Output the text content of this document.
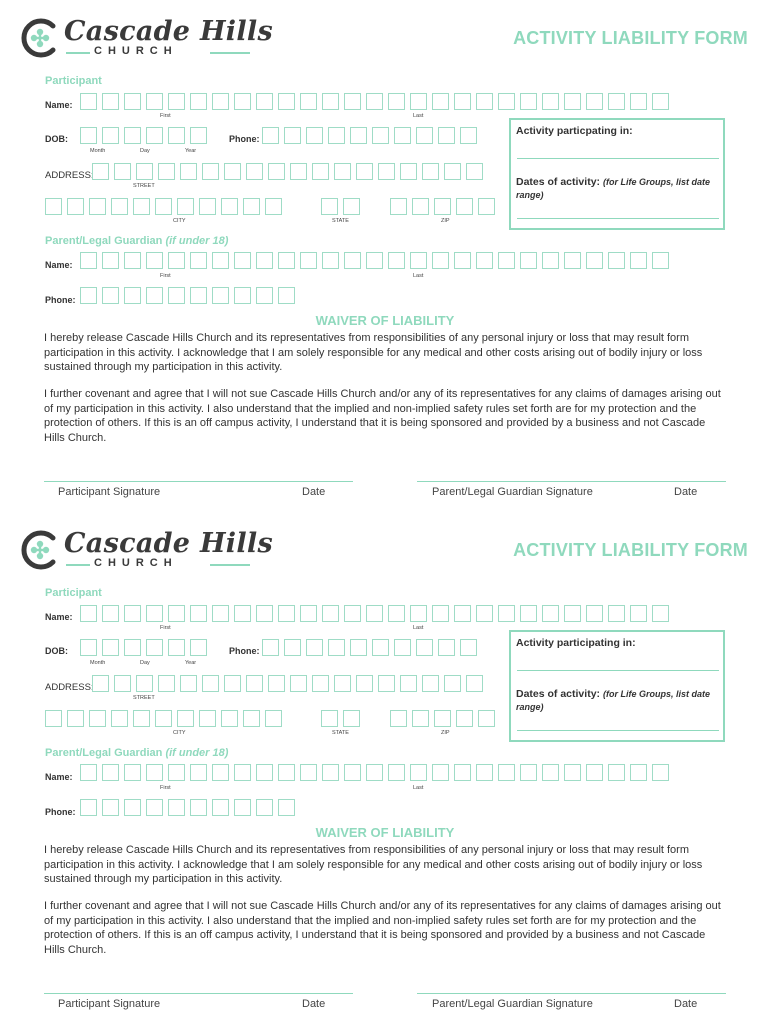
Cascade Hills
CHURCH
ACTIVITY LIABILITY FORM
Participant
Name:
First	Last
DOB:
Month	Day	Year
Phone:
ADDRESS:
STREET
CITY	STATE	ZIP
Activity particpating in:
Dates of activity: (for Life Groups, list date range)
Parent/Legal Guardian (if under 18)
Name:
First	Last
Phone:
WAIVER OF LIABILITY
I hereby release Cascade Hills Church and its representatives from responsibilities of any personal injury or loss that may result form participation in this activity. I acknowledge that I am solely responsible for any medical and other costs arising out of bodily injury or loss sustained through my participation in this activity.
I further covenant and agree that I will not sue Cascade Hills Church and/or any of its representatives for any claims of damages arising out of my participation in this activity. I also understand that the implied and non-implied safety rules set forth are for my protection and the protection of others. If this is an off campus activity, I understand that it is being sponsored and provided by a business and not Cascade Hills Church.
Participant Signature	Date	Parent/Legal Guardian Signature	Date
Cascade Hills
CHURCH
ACTIVITY LIABILITY FORM
Participant
Name:
First	Last
DOB:
Month	Day	Year
Phone:
ADDRESS:
STREET
CITY	STATE	ZIP
Activity participating in:
Dates of activity: (for Life Groups, list date range)
Parent/Legal Guardian (if under 18)
Name:
First	Last
Phone:
WAIVER OF LIABILITY
I hereby release Cascade Hills Church and its representatives from responsibilities of any personal injury or loss that may result form participation in this activity. I acknowledge that I am solely responsible for any medical and other costs arising out of bodily injury or loss sustained through my participation in this activity.
I further covenant and agree that I will not sue Cascade Hills Church and/or any of its representatives for any claims of damages arising out of my participation in this activity. I also understand that the implied and non-implied safety rules set forth are for my protection and the protection of others. If this is an off campus activity, I understand that it is being sponsored and provided by a business and not Cascade Hills Church.
Participant Signature	Date	Parent/Legal Guardian Signature	Date
